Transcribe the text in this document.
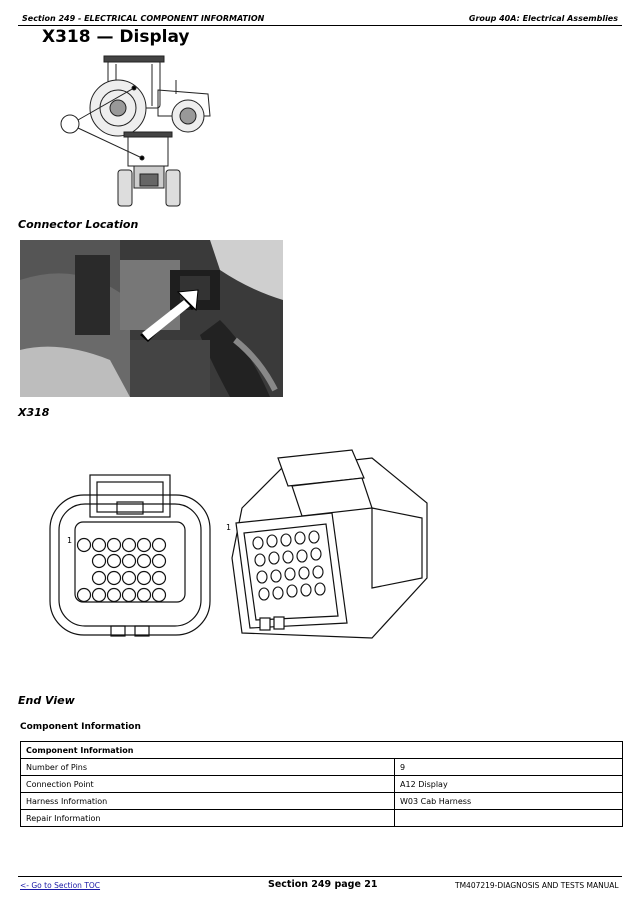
Section 249 - ELECTRICAL COMPONENT INFORMATION	Group 40A: Electrical Assemblies
X318 — Display
Connector Location
X318
1
1
End View
Component Information
Component Information	
Number of Pins	9
Connection Point	A12 Display
Harness Information	W03 Cab Harness
Repair Information	
<- Go to Section TOC	Section 249 page 21	TM407219-DIAGNOSIS AND TESTS MANUAL
